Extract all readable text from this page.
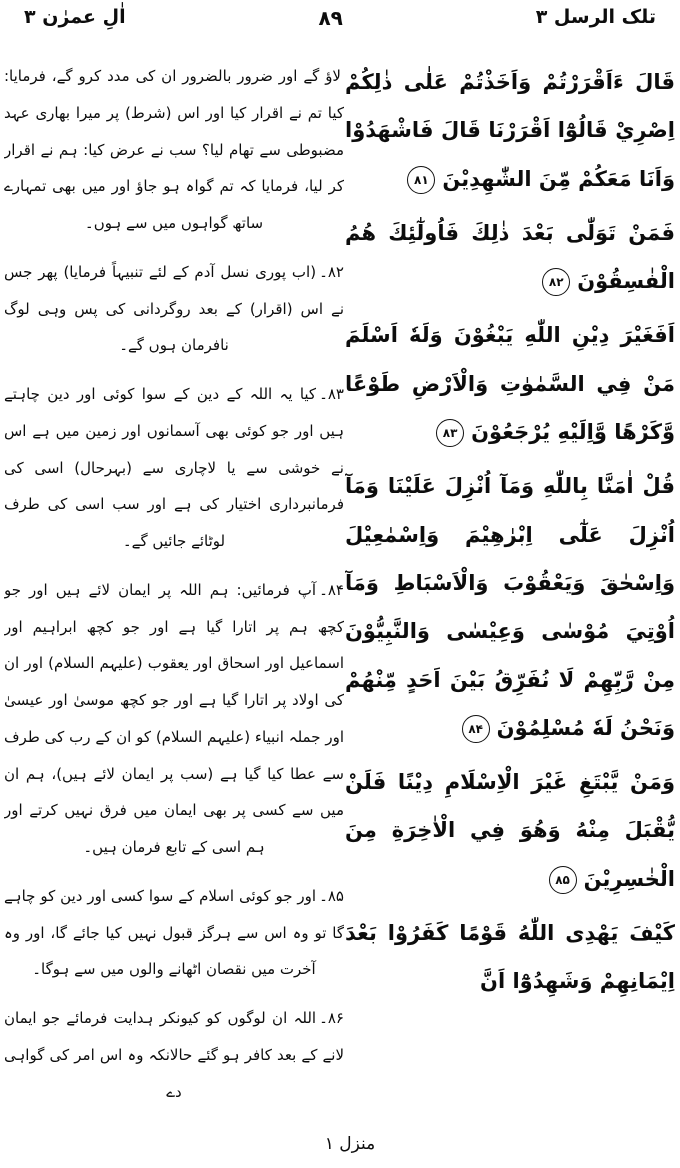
اٰلِ عمرٰن ۳	۸۹	تلک الرسل ۳

لاؤ گے اور ضرور بالضرور ان کی مدد کرو گے، فرمایا: کیا تم نے اقرار کیا اور اس (شرط) پر میرا بھاری عہد مضبوطی سے تھام لیا؟ سب نے عرض کیا: ہم نے اقرار کر لیا، فرمایا کہ تم گواہ ہو جاؤ اور میں بھی تمہارے ساتھ گواہوں میں سے ہوں۔

۸۲۔(اب پوری نسل آدم کے لئے تنبیہاً فرمایا) پھر جس نے اس (اقرار) کے بعد روگردانی کی پس وہی لوگ نافرمان ہوں گے۔

۸۳۔کیا یہ اللہ کے دین کے سوا کوئی اور دین چاہتے ہیں اور جو کوئی بھی آسمانوں اور زمین میں ہے اس نے خوشی سے یا لاچاری سے (بہرحال) اسی کی فرمانبرداری اختیار کی ہے اور سب اسی کی طرف لوٹائے جائیں گے۔

۸۴۔آپ فرمائیں: ہم اللہ پر ایمان لائے ہیں اور جو کچھ ہم پر اتارا گیا ہے اور جو کچھ ابراہیم اور اسماعیل اور اسحاق اور یعقوب (علیہم السلام) اور ان کی اولاد پر اتارا گیا ہے اور جو کچھ موسیٰ اور عیسیٰ اور جملہ انبیاء (علیہم السلام) کو ان کے رب کی طرف سے عطا کیا گیا ہے (سب پر ایمان لائے ہیں)، ہم ان میں سے کسی پر بھی ایمان میں فرق نہیں کرتے اور ہم اسی کے تابع فرمان ہیں۔

۸۵۔اور جو کوئی اسلام کے سوا کسی اور دین کو چاہے گا تو وہ اس سے ہرگز قبول نہیں کیا جائے گا، اور وہ آخرت میں نقصان اٹھانے والوں میں سے ہوگا۔

۸۶۔اللہ ان لوگوں کو کیونکر ہدایت فرمائے جو ایمان لانے کے بعد کافر ہو گئے حالانکہ وہ اس امر کی گواہی دے

قَالَ ءَاَقْرَرْتُمْ وَاَخَذْتُمْ عَلٰى ذٰلِكُمْ اِصْرِيْ قَالُوْٓا اَقْرَرْنَا قَالَ فَاشْهَدُوْا وَاَنَا مَعَكُمْ مِّنَ الشّٰهِدِيْنَ۸۱

فَمَنْ تَوَلّٰى بَعْدَ ذٰلِكَ فَاُولٰٓئِكَ هُمُ الْفٰسِقُوْنَ۸۲

اَفَغَيْرَ دِيْنِ اللّٰهِ يَبْغُوْنَ وَلَهٗ اَسْلَمَ مَنْ فِي السَّمٰوٰتِ وَالْاَرْضِ طَوْعًا وَّكَرْهًا وَّاِلَيْهِ يُرْجَعُوْنَ۸۳

قُلْ اٰمَنَّا بِاللّٰهِ وَمَآ اُنْزِلَ عَلَيْنَا وَمَآ اُنْزِلَ عَلٰٓى اِبْرٰهِيْمَ وَاِسْمٰعِيْلَ وَاِسْحٰقَ وَيَعْقُوْبَ وَالْاَسْبَاطِ وَمَآ اُوْتِيَ مُوْسٰى وَعِيْسٰى وَالنَّبِيُّوْنَ مِنْ رَّبِّهِمْ لَا نُفَرِّقُ بَيْنَ اَحَدٍ مِّنْهُمْ وَنَحْنُ لَهٗ مُسْلِمُوْنَ۸۴

وَمَنْ يَّبْتَغِ غَيْرَ الْاِسْلَامِ دِيْنًا فَلَنْ يُّقْبَلَ مِنْهُ وَهُوَ فِي الْاٰخِرَةِ مِنَ الْخٰسِرِيْنَ۸۵

كَيْفَ يَهْدِى اللّٰهُ قَوْمًا كَفَرُوْا بَعْدَ اِيْمَانِهِمْ وَشَهِدُوْٓا اَنَّ

منزل ۱
